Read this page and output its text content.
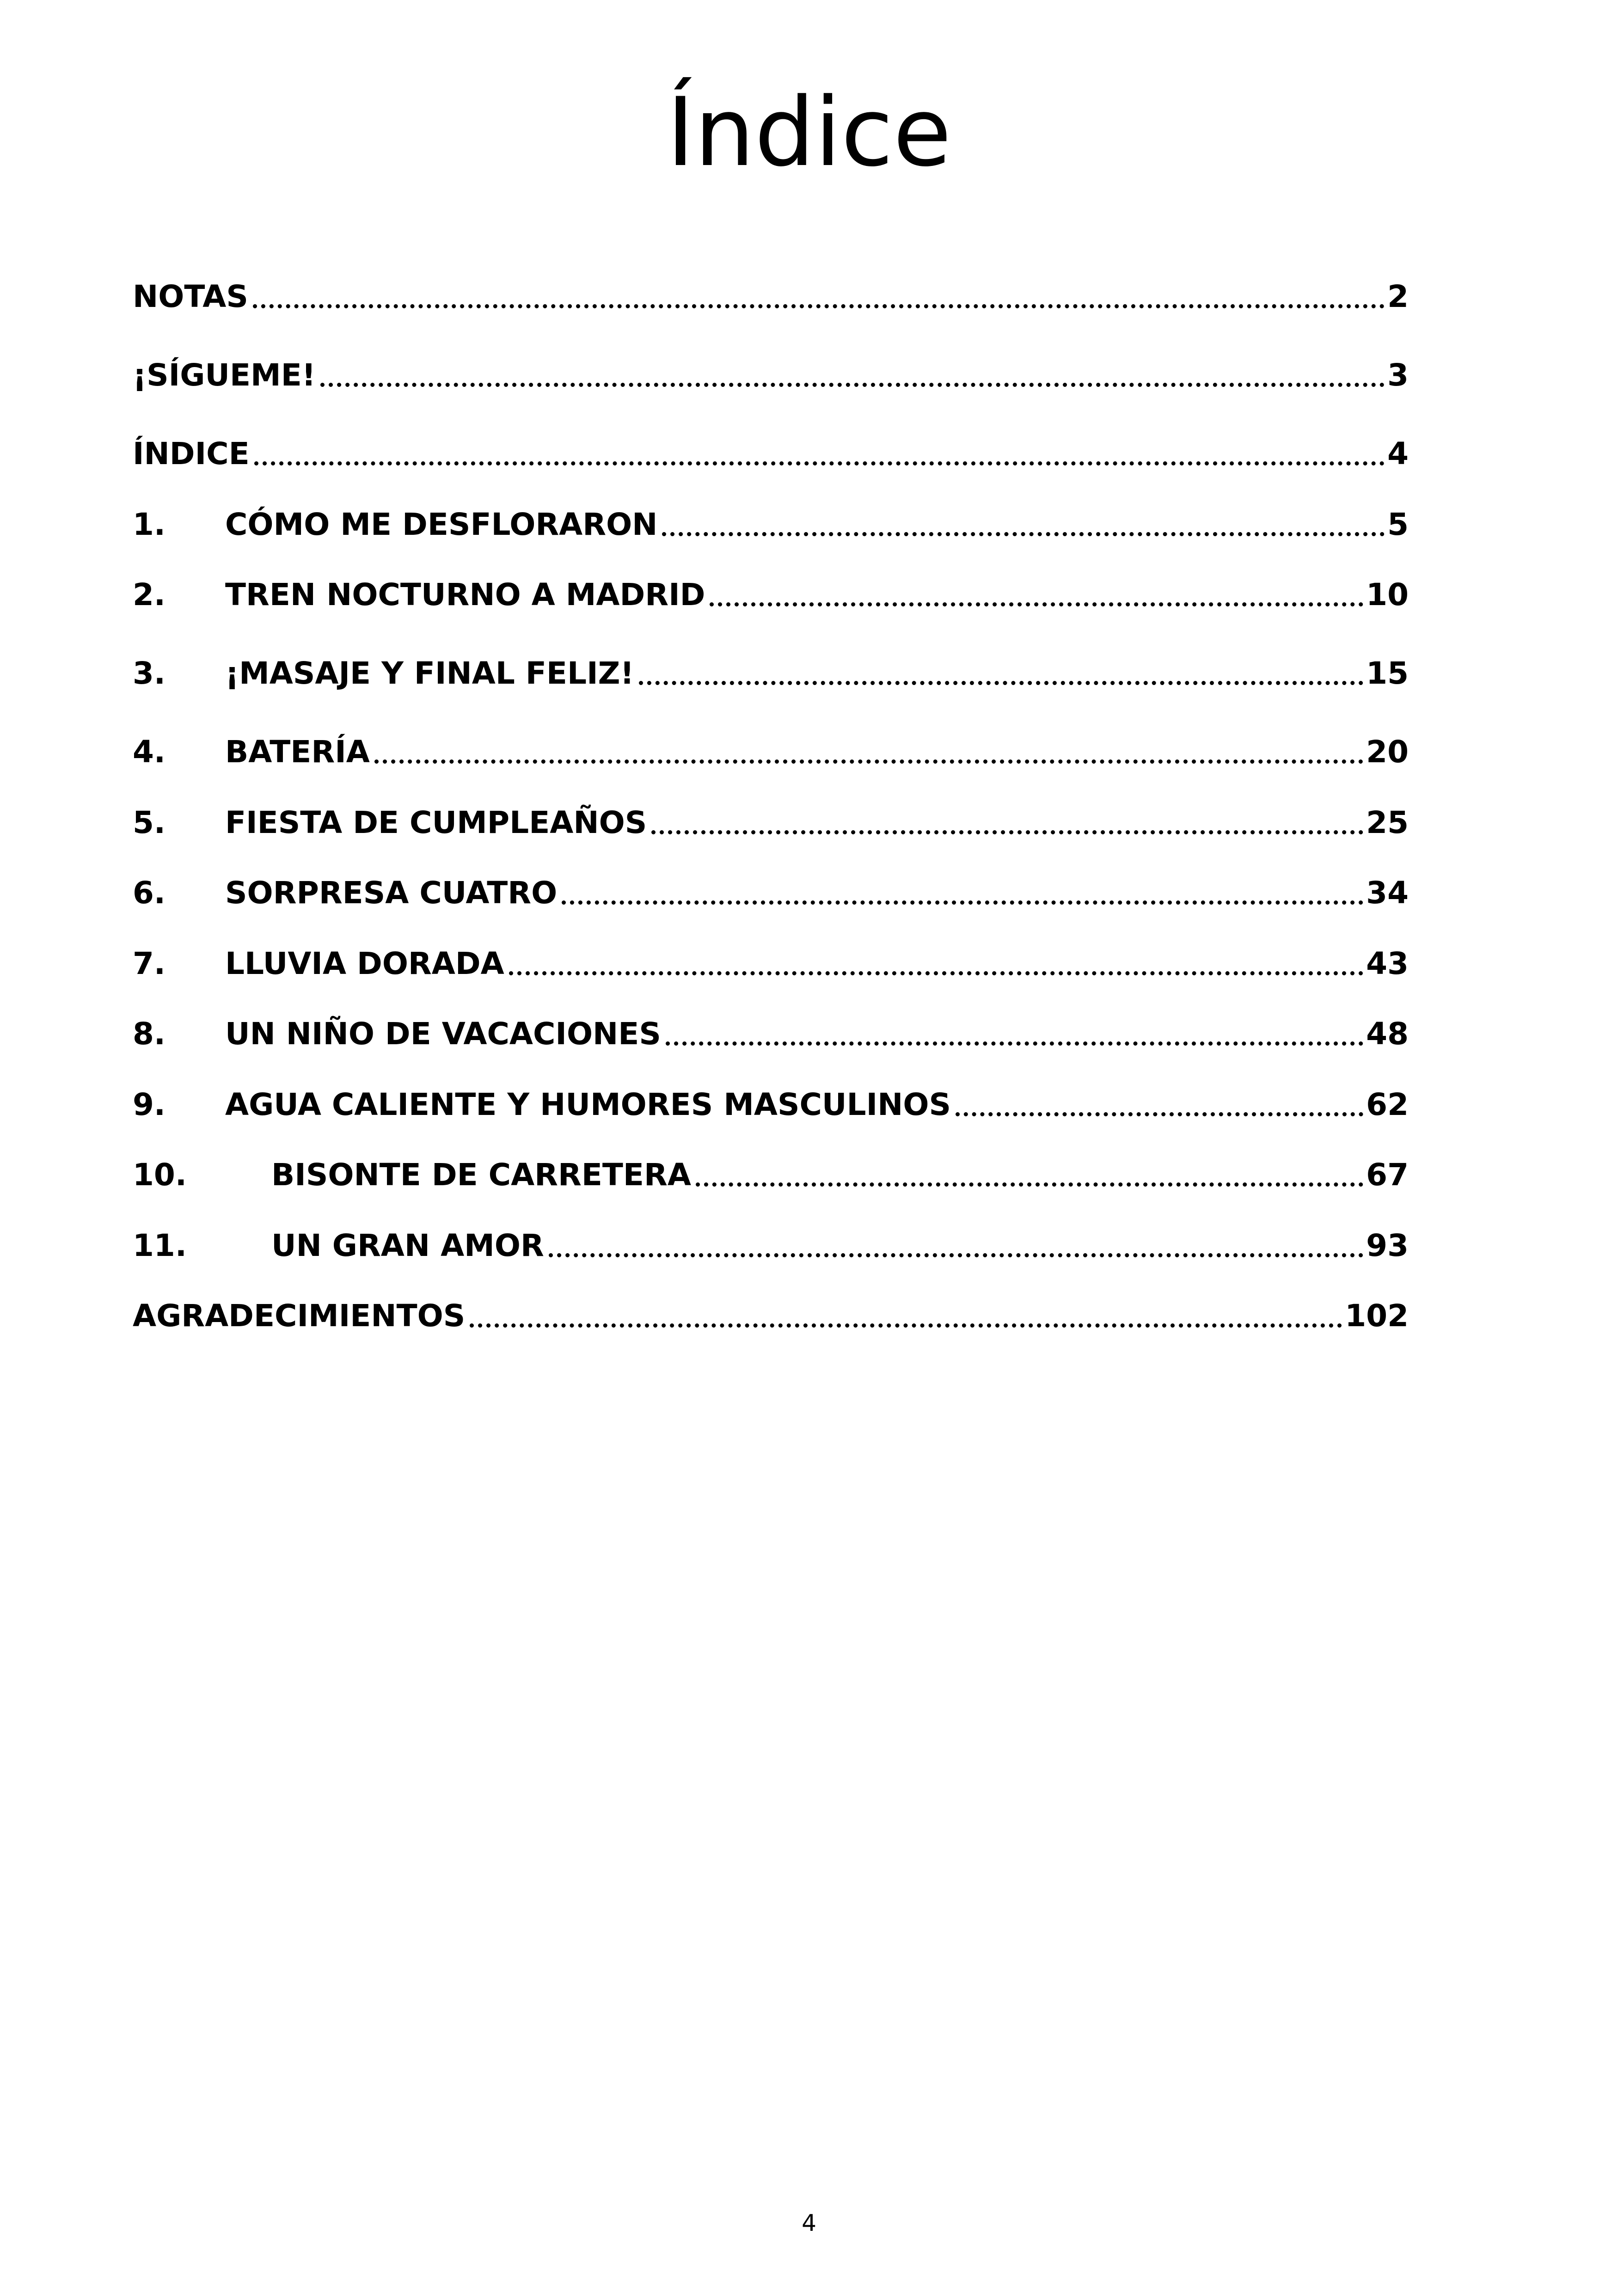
Índice
NOTAS	2
¡SÍGUEME!	3
ÍNDICE	4
1.	CÓMO ME DESFLORARON	5
2.	TREN NOCTURNO A MADRID	10
3.	¡MASAJE Y FINAL FELIZ!	15
4.	BATERÍA	20
5.	FIESTA DE CUMPLEAÑOS	25
6.	SORPRESA CUATRO	34
7.	LLUVIA DORADA	43
8.	UN NIÑO DE VACACIONES	48
9.	AGUA CALIENTE Y HUMORES MASCULINOS	62
10.	BISONTE DE CARRETERA	67
11.	UN GRAN AMOR	93
AGRADECIMIENTOS	102
4
